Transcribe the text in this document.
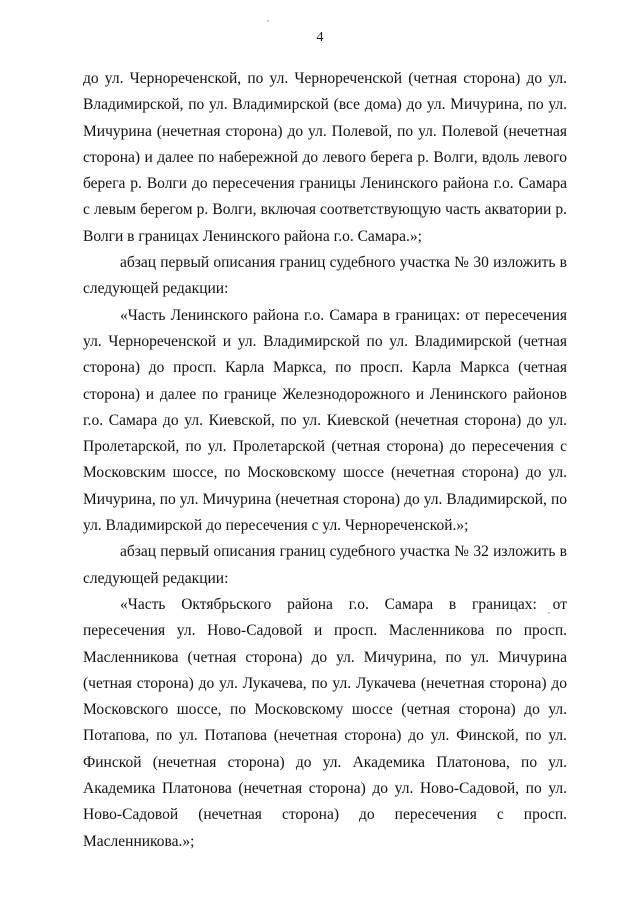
4

до ул. Чернореченской, по ул. Чернореченской (четная сторона) до ул. Владимирской, по ул. Владимирской (все дома) до ул. Мичурина, по ул. Мичурина (нечетная сторона) до ул. Полевой, по ул. Полевой (нечетная сторона) и далее по набережной до левого берега р. Волги, вдоль левого берега р. Волги до пересечения границы Ленинского района г.о. Самара с левым берегом р. Волги, включая соответствующую часть акватории р. Волги в границах Ленинского района г.о. Самара.»;

абзац первый описания границ судебного участка № 30 изложить в следующей редакции:

«Часть Ленинского района г.о. Самара в границах: от пересечения ул. Чернореченской и ул. Владимирской по ул. Владимирской (четная сторона) до просп. Карла Маркса, по просп. Карла Маркса (четная сторона) и далее по границе Железнодорожного и Ленинского районов г.о. Самара до ул. Киевской, по ул. Киевской (нечетная сторона) до ул. Пролетарской, по ул. Пролетарской (четная сторона) до пересечения с Московским шоссе, по Московскому шоссе (нечетная сторона) до ул. Мичурина, по ул. Мичурина (нечетная сторона) до ул. Владимирской, по ул. Владимирской до пересечения с ул. Чернореченской.»;

абзац первый описания границ судебного участка № 32 изложить в следующей редакции:

«Часть Октябрьского района г.о. Самара в границах: от пересечения ул. Ново-Садовой и просп. Масленникова по просп. Масленникова (четная сторона) до ул. Мичурина, по ул. Мичурина (четная сторона) до ул. Лукачева, по ул. Лукачева (нечетная сторона) до Московского шоссе, по Московскому шоссе (четная сторона) до ул. Потапова, по ул. Потапова (нечетная сторона) до ул. Финской, по ул. Финской (нечетная сторона) до ул. Академика Платонова, по ул. Академика Платонова (нечетная сторона) до ул. Ново-Садовой, по ул. Ново-Садовой (нечетная сторона) до пересечения с просп. Масленникова.»;
